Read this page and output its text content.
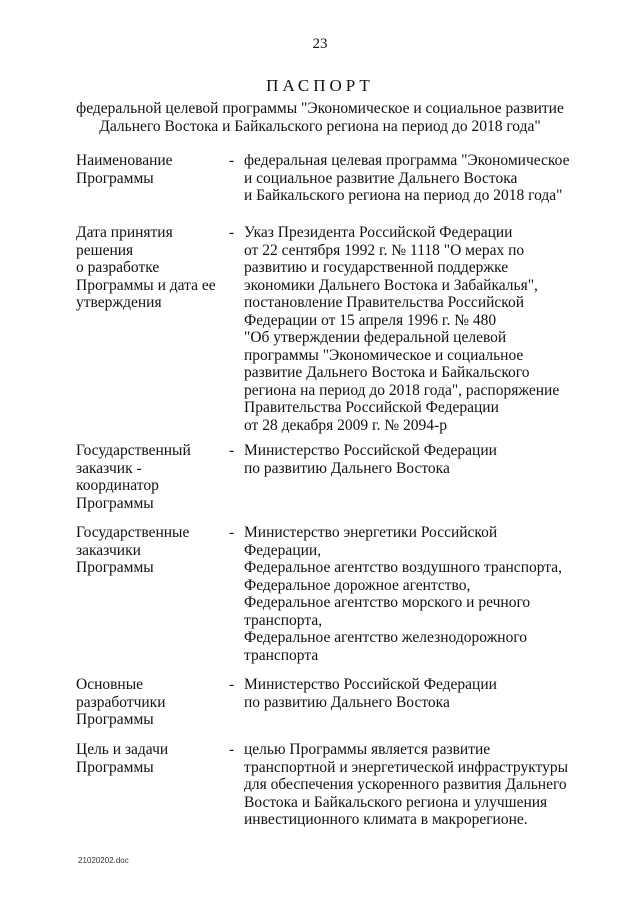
23
ПАСПОРТ
федеральной целевой программы "Экономическое и социальное развитие
Дальнего Востока и Байкальского региона на период до 2018 года"
Наименование
Программы
- федеральная целевая программа "Экономическое
и социальное развитие Дальнего Востока
и Байкальского региона на период до 2018 года"
Дата принятия
решения
о разработке
Программы и дата ее
утверждения
- Указ Президента Российской Федерации
от 22 сентября 1992 г. № 1118 "О мерах по
развитию и государственной поддержке
экономики Дальнего Востока и Забайкалья",
постановление Правительства Российской
Федерации от 15 апреля 1996 г. № 480
"Об утверждении федеральной целевой
программы "Экономическое и социальное
развитие Дальнего Востока и Байкальского
региона на период до 2018 года", распоряжение
Правительства Российской Федерации
от 28 декабря 2009 г. № 2094-р
Государственный
заказчик -
координатор
Программы
- Министерство Российской Федерации
по развитию Дальнего Востока
Государственные
заказчики
Программы
- Министерство энергетики Российской
Федерации,
Федеральное агентство воздушного транспорта,
Федеральное дорожное агентство,
Федеральное агентство морского и речного
транспорта,
Федеральное агентство железнодорожного
транспорта
Основные
разработчики
Программы
- Министерство Российской Федерации
по развитию Дальнего Востока
Цель и задачи
Программы
- целью Программы является развитие
транспортной и энергетической инфраструктуры
для обеспечения ускоренного развития Дальнего
Востока и Байкальского региона и улучшения
инвестиционного климата в макрорегионе.
21020202.doc
